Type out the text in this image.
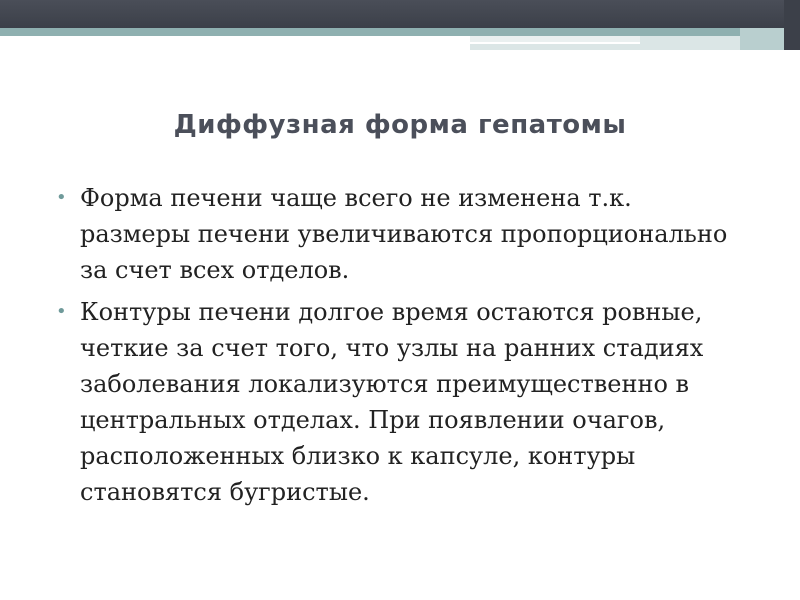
Диффузная форма гепатомы
• Форма печени чаще всего не изменена т.к. размеры печени увеличиваются пропорционально за счет всех отделов.
• Контуры печени долгое время остаются ровные, четкие за счет того, что узлы на ранних стадиях заболевания локализуются преимущественно в центральных отделах. При появлении очагов, расположенных близко к капсуле, контуры становятся бугристые.
